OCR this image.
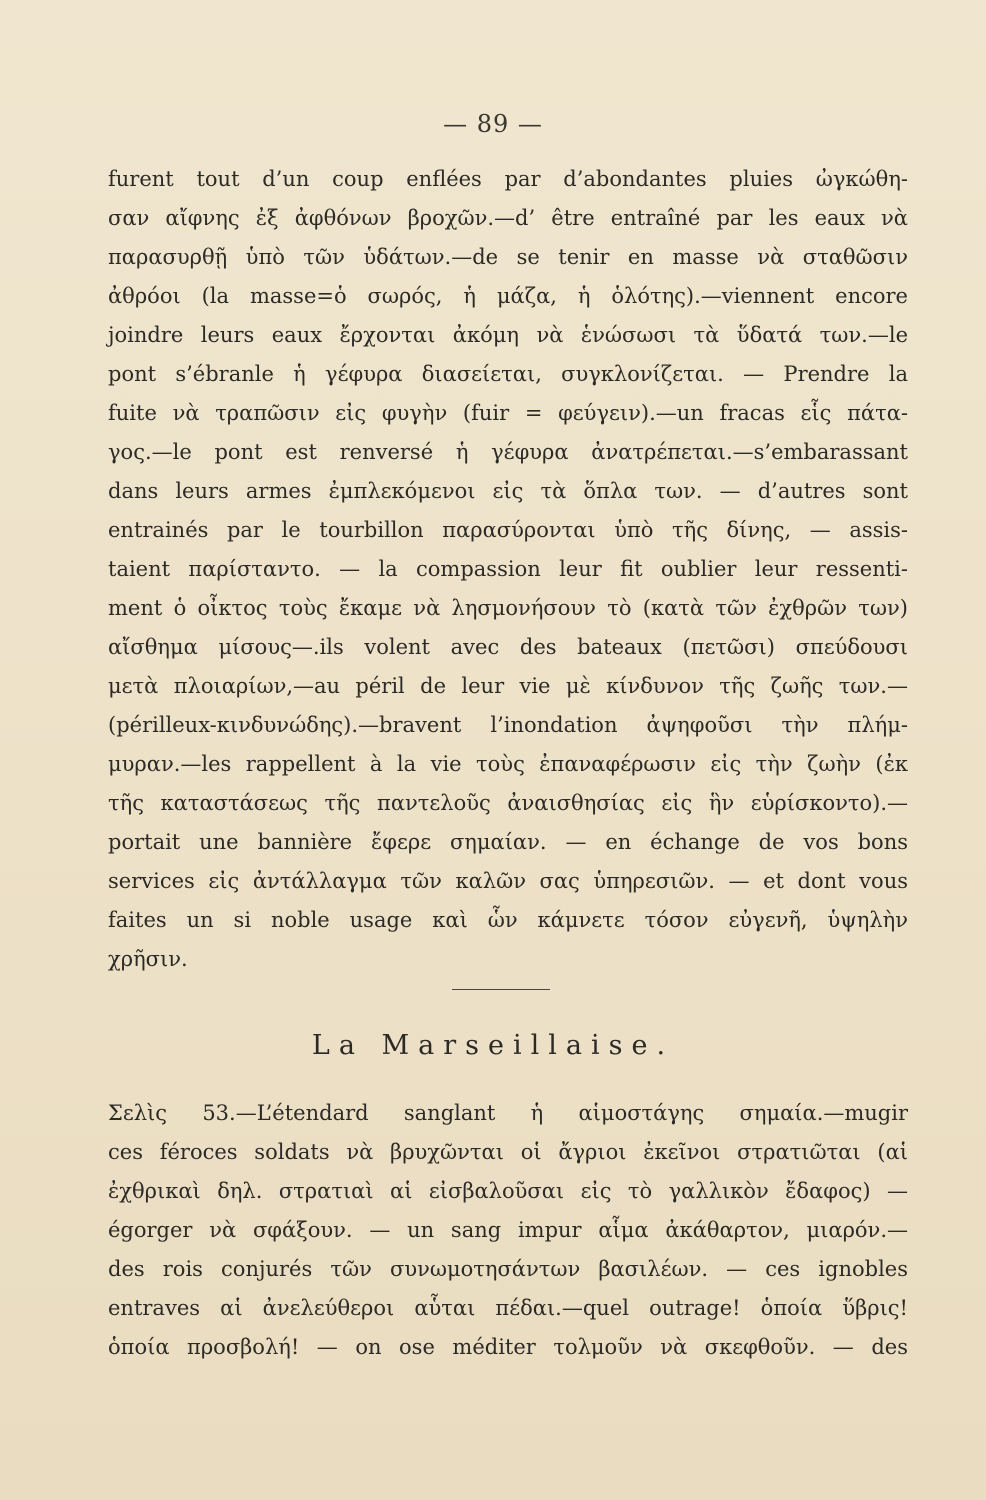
— 89 —
furent tout d’un coup enflées par d’abondantes pluies ὠγκώθη-
σαν αἴφνης ἐξ ἀφθόνων βροχῶν.—d’ être entraîné par les eaux νὰ
παρασυρθῇ ὑπὸ τῶν ὑδάτων.—de se tenir en masse νὰ σταθῶσιν
ἀθρόοι (la masse=ὁ σωρός, ἡ μάζα, ἡ ὁλότης).—viennent encore
joindre leurs eaux ἔρχονται ἀκόμη νὰ ἑνώσωσι τὰ ὕδατά των.—le
pont s’ébranle ἡ γέφυρα διασείεται, συγκλονίζεται. — Prendre la
fuite νὰ τραπῶσιν εἰς φυγὴν (fuir = φεύγειν).—un fracas εἷς πάτα-
γος.—le pont est renversé ἡ γέφυρα ἀνατρέπεται.—s’embarassant
dans leurs armes ἐμπλεκόμενοι εἰς τὰ ὅπλα των. — d’autres sont
entrainés par le tourbillon παρασύρονται ὑπὸ τῆς δίνης, — assis-
taient παρίσταντο. — la compassion leur fit oublier leur ressenti-
ment ὁ οἶκτος τοὺς ἔκαμε νὰ λησμονήσουν τὸ (κατὰ τῶν ἐχθρῶν των)
αἴσθημα μίσους—.ils volent avec des bateaux (πετῶσι) σπεύδουσι
μετὰ πλοιαρίων,—au péril de leur vie μὲ κίνδυνον τῆς ζωῆς των.—
(périlleux-κινδυνώδης).—bravent l’inondation ἀψηφοῦσι τὴν πλήμ-
μυραν.—les rappellent à la vie τοὺς ἐπαναφέρωσιν εἰς τὴν ζωὴν (ἐκ
τῆς καταστάσεως τῆς παντελοῦς ἀναισθησίας εἰς ἣν εὑρίσκοντο).—
portait une bannière ἔφερε σημαίαν. — en échange de vos bons
services εἰς ἀντάλλαγμα τῶν καλῶν σας ὑπηρεσιῶν. — et dont vous
faites un si noble usage καὶ ὧν κάμνετε τόσον εὐγενῆ, ὑψηλὴν
χρῆσιν.
La Marseillaise.
Σελὶς 53.—L’étendard sanglant ἡ αἱμοστάγης σημαία.—mugir
ces féroces soldats νὰ βρυχῶνται οἱ ἄγριοι ἐκεῖνοι στρατιῶται (αἱ
ἐχθρικαὶ δηλ. στρατιαὶ αἱ εἰσβαλοῦσαι εἰς τὸ γαλλικὸν ἔδαφος) —
égorger νὰ σφάξουν. — un sang impur αἷμα ἀκάθαρτον, μιαρόν.—
des rois conjurés τῶν συνωμοτησάντων βασιλέων. — ces ignobles
entraves αἱ ἀνελεύθεροι αὗται πέδαι.—quel outrage! ὁποία ὕβρις!
ὁποία προσβολή! — on ose méditer τολμοῦν νὰ σκεφθοῦν. — des
